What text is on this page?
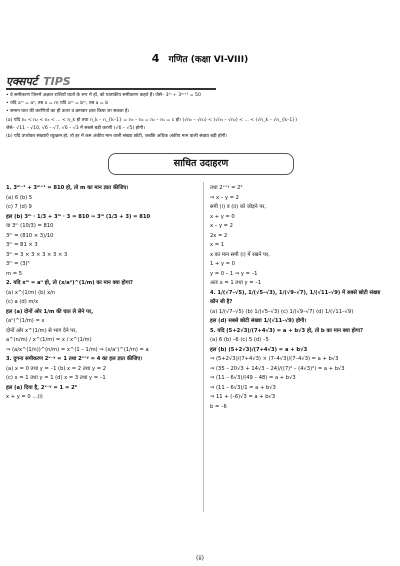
4 गणित (कक्षा VI-VIII)
एक्सपर्ट TIPS
• वे समीकरण जिनमें अज्ञात राशियाँ घातों के रूप में हों, को घातांकीय समीकरण कहते हैं। जैसे– 3ᵐ + 3ᵐ⁺¹ = 50
• यदि aᵐ = aⁿ, तब x = m यदि aᵐ = bᵐ, तब a = b
• समान घात की करणियों का ही ऊपर व क्रमवार ज्ञात किया जा सकता है।
(a) यदि n₁ < n₂ < n₃ < ... < n_k हो तथा n_k – n_{k–1} = n₃ – n₂ = n₂ – n₁ = c हो। (√n₂ – √n₁) < (√n₃ – √n₂) < ... < (√n_k – √n_{k–1})
जैसे– √11 – √10, √6 – √7, √6 – √3 में सबसे बड़ी करणी (√6 – √5) होगी।
(b) यदि उपरोक्त संख्याएँ व्युत्क्रम हो, तो हर में कम अंकीय मान वाली संख्या छोटी, जबकि अधिक अंकीय मान वाली संख्या बड़ी होगी।
साधित उदाहरण
1. 3ᵐ⁻¹ + 3ᵐ⁺¹ = 810 हो, तो m का मान ज्ञात कीजिए।
(a) 6 (b) 5
(c) 7 (d) 9
हल (b) 3ᵐ · 1/3 + 3ᵐ · 3 = 810 ⇒ 3ᵐ (1/3 + 3) = 810
या 3ᵐ (10/3) = 810
3ᵐ = (810 × 3)/10
3ᵐ = 81 × 3
3ᵐ = 3 × 3 × 3 × 3 × 3
3ᵐ = (3)⁵
m = 5
2. यदि xᵐ = aⁿ हो, तो (x/aⁿ)^(1/m) का मान क्या होगा?
(a) x^(1/m) (b) x/n
(c) a (d) m/x
हल (a) दोनों ओर 1/m की घात ले लेने पर,
(aⁿ)^(1/m) = x
दोनों ओर x^(1/m) से भाग देने पर,
a^(n/m) / x^(1/m) = x / x^(1/m)
⇒ (a/x^(1/n))^(n/m) = x^(1 – 1/m) ⇒ (x/aⁿ)^(1/m) = a
3. दुगना समीकरण 2ˣ⁻ʸ = 1 तथा 2ˣ⁺ʸ = 4 का हल ज्ञात कीजिए।
(a) x = 0 तथा y = –1 (b) x = 2 तथा y = 2
(c) x = 1 तथा y = 1 (d) x = 3 तथा y = –1
हल (a) दिया है, 2ˣ⁻ʸ = 1 = 2⁰
x + y = 0 ...(i)
तथा 2ˣ⁺ʸ = 2²
⇒ x – y = 2
समी (i) व (ii) को जोड़ने पर,
x + y = 0
x – y = 2
2x = 2
x = 1
x का मान समी (i) में रखने पर,
1 + y = 0
y = 0 – 1 ⇒ y = –1
अतः x = 1 तथा y = –1
4. 1/(√7–√5), 1/(√5–√3), 1/(√9–√7), 1/(√11–√9) में सबसे छोटी संख्या
कौन सी है?
(a) 1/(√7–√5) (b) 1/(√5–√3) (c) 1/(√9–√7) (d) 1/(√11–√9)
हल (d) सबसे छोटी संख्या 1/(√11–√9) होगी।
5. यदि (5+2√3)/(7+4√3) = a + b√3 हो, तो b का मान क्या होगा?
(a) 6 (b) –6 (c) 5 (d) –5
हल (b) (5+2√3)/(7+4√3) = a + b√3
⇒ (5+2√3)/(7+4√3) × (7–4√3)/(7–4√3) = a + b√3
⇒ (35 – 20√3 + 14√3 – 24)/((7)² – (4√3)²) = a + b√3
⇒ (11 – 6√3)/(49 – 48) = a + b√3
⇒ (11 – 6√3)/1 = a + b√3
⇒ 11 + (–6)√3 = a + b√3
b = –6
(ii)
